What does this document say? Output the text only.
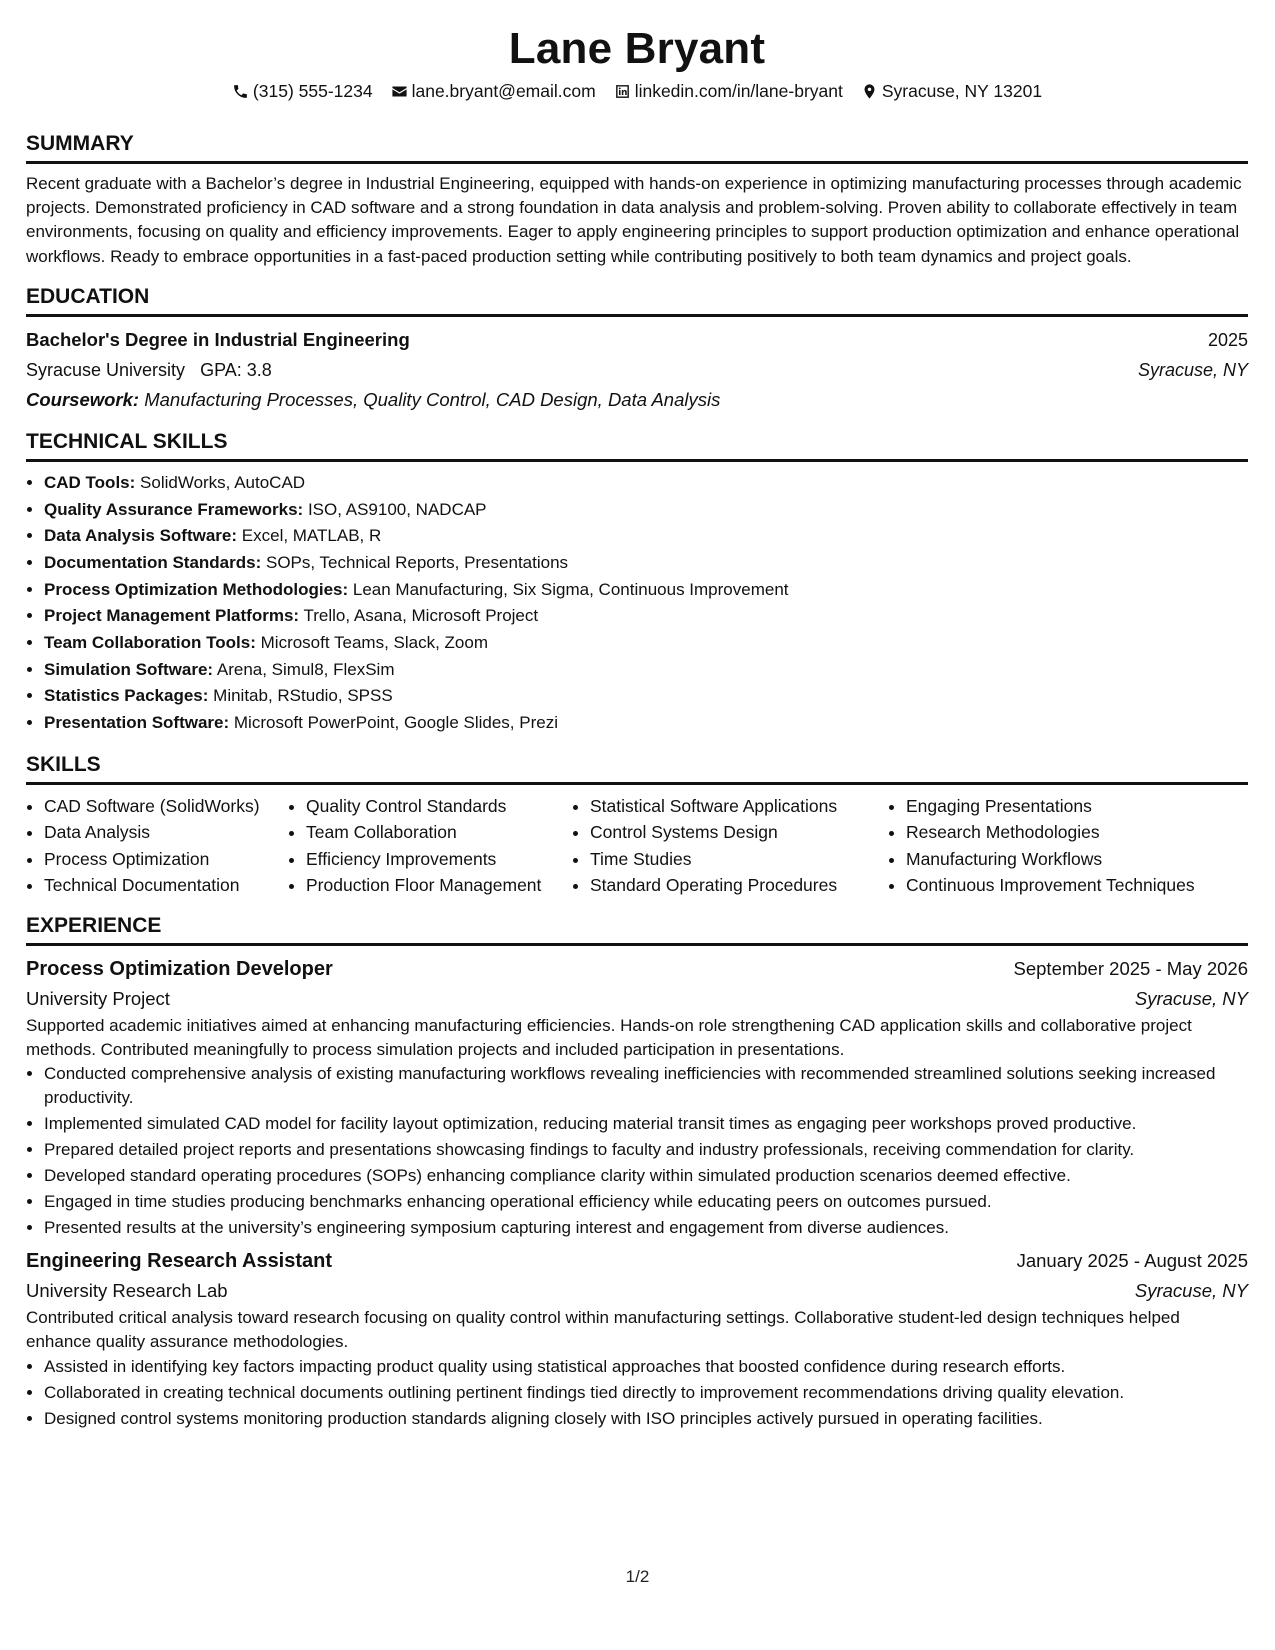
Lane Bryant
(315) 555-1234 lane.bryant@email.com linkedin.com/in/lane-bryant Syracuse, NY 13201
SUMMARY

Recent graduate with a Bachelor’s degree in Industrial Engineering, equipped with hands-on experience in optimizing manufacturing processes through academic projects. Demonstrated proficiency in CAD software and a strong foundation in data analysis and problem-solving. Proven ability to collaborate effectively in team environments, focusing on quality and efficiency improvements. Eager to apply engineering principles to support production optimization and enhance operational workflows. Ready to embrace opportunities in a fast-paced production setting while contributing positively to both team dynamics and project goals.

EDUCATION
Bachelor's Degree in Industrial Engineering	2025
Syracuse University GPA: 3.8	Syracuse, NY
Coursework: Manufacturing Processes, Quality Control, CAD Design, Data Analysis
TECHNICAL SKILLS
• CAD Tools: SolidWorks, AutoCAD
• Quality Assurance Frameworks: ISO, AS9100, NADCAP
• Data Analysis Software: Excel, MATLAB, R
• Documentation Standards: SOPs, Technical Reports, Presentations
• Process Optimization Methodologies: Lean Manufacturing, Six Sigma, Continuous Improvement
• Project Management Platforms: Trello, Asana, Microsoft Project
• Team Collaboration Tools: Microsoft Teams, Slack, Zoom
• Simulation Software: Arena, Simul8, FlexSim
• Statistics Packages: Minitab, RStudio, SPSS
• Presentation Software: Microsoft PowerPoint, Google Slides, Prezi
SKILLS
• CAD Software (SolidWorks)
• Data Analysis
• Process Optimization
• Technical Documentation
• Quality Control Standards
• Team Collaboration
• Efficiency Improvements
• Production Floor Management
• Statistical Software Applications
• Control Systems Design
• Time Studies
• Standard Operating Procedures
• Engaging Presentations
• Research Methodologies
• Manufacturing Workflows
• Continuous Improvement Techniques
EXPERIENCE
Process Optimization Developer	September 2025 - May 2026
University Project	Syracuse, NY

Supported academic initiatives aimed at enhancing manufacturing efficiencies. Hands-on role strengthening CAD application skills and collaborative project methods. Contributed meaningfully to process simulation projects and included participation in presentations.

• Conducted comprehensive analysis of existing manufacturing workflows revealing inefficiencies with recommended streamlined solutions seeking increased productivity.
• Implemented simulated CAD model for facility layout optimization, reducing material transit times as engaging peer workshops proved productive.
• Prepared detailed project reports and presentations showcasing findings to faculty and industry professionals, receiving commendation for clarity.
• Developed standard operating procedures (SOPs) enhancing compliance clarity within simulated production scenarios deemed effective.
• Engaged in time studies producing benchmarks enhancing operational efficiency while educating peers on outcomes pursued.
• Presented results at the university’s engineering symposium capturing interest and engagement from diverse audiences.
Engineering Research Assistant	January 2025 - August 2025
University Research Lab	Syracuse, NY

Contributed critical analysis toward research focusing on quality control within manufacturing settings. Collaborative student-led design techniques helped enhance quality assurance methodologies.

• Assisted in identifying key factors impacting product quality using statistical approaches that boosted confidence during research efforts.
• Collaborated in creating technical documents outlining pertinent findings tied directly to improvement recommendations driving quality elevation.
• Designed control systems monitoring production standards aligning closely with ISO principles actively pursued in operating facilities.
1/2
